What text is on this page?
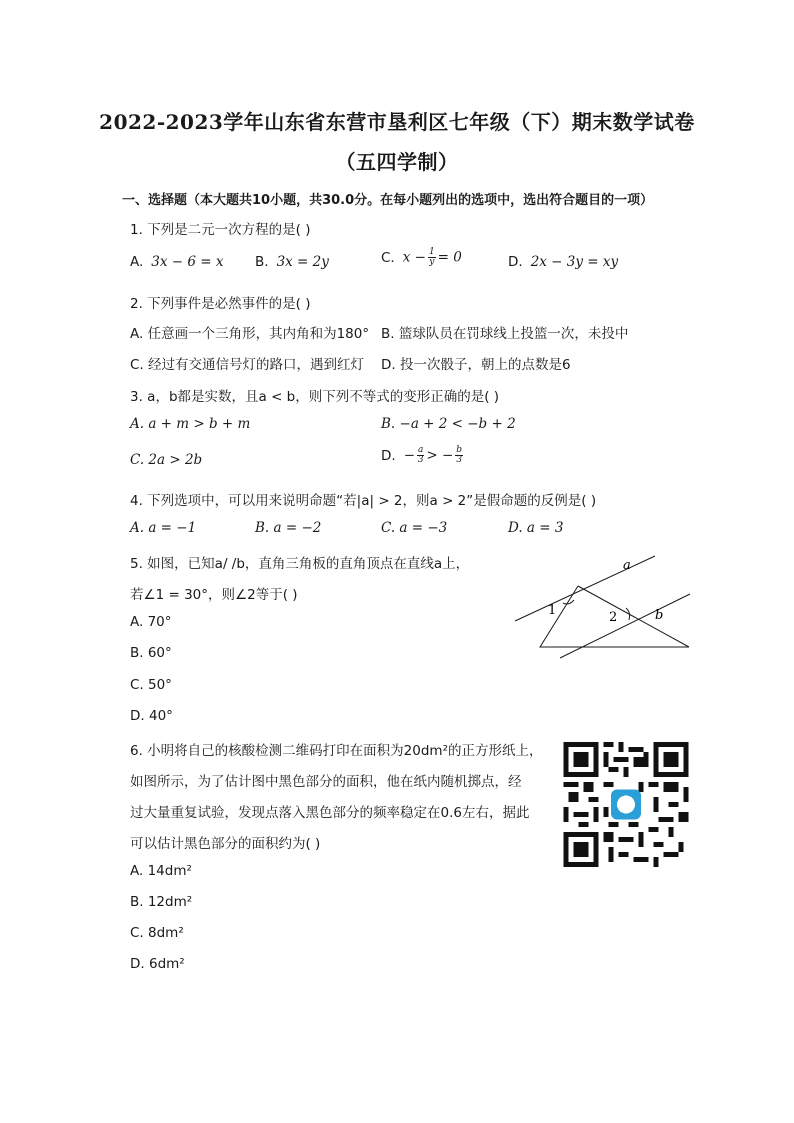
2022-2023学年山东省东营市垦利区七年级（下）期末数学试卷
（五四学制）
一、选择题（本大题共10小题，共30.0分。在每小题列出的选项中，选出符合题目的一项）
1. 下列是二元一次方程的是( )
A. 3x − 6 = x B. 3x = 2y	C. $x - \frac{1}{y} = 0$	D. 2x − 3y = xy
2. 下列事件是必然事件的是( )
A. 任意画一个三角形，其内角和为180° B. 篮球队员在罚球线上投篮一次，未投中
C. 经过有交通信号灯的路口，遇到红灯 D. 投一次骰子，朝上的点数是6
3. a，b都是实数，且a < b，则下列不等式的变形正确的是( )
A. a + m > b + m	B. −a + 2 < −b + 2
C. 2a > 2b	D. − $\frac{a}{3}$ > − $\frac{b}{3}$
4. 下列选项中，可以用来说明命题“若|a| > 2，则a > 2”是假命题的反例是( )
A. a = −1	B. a = −2	C. a = −3	D. a = 3
5. 如图，已知a/ /b，直角三角板的直角顶点在直线a上，
若∠1 = 30°，则∠2等于( )
A. 70°
B. 60°
C. 50°
D. 40°
a
b
1	2
6. 小明将自己的核酸检测二维码打印在面积为20dm²的正方形纸上，
如图所示，为了估计图中黑色部分的面积，他在纸内随机掷点，经
过大量重复试验，发现点落入黑色部分的频率稳定在0.6左右，据此
可以估计黑色部分的面积约为( )
A. 14dm²
B. 12dm²
C. 8dm²
D. 6dm²
